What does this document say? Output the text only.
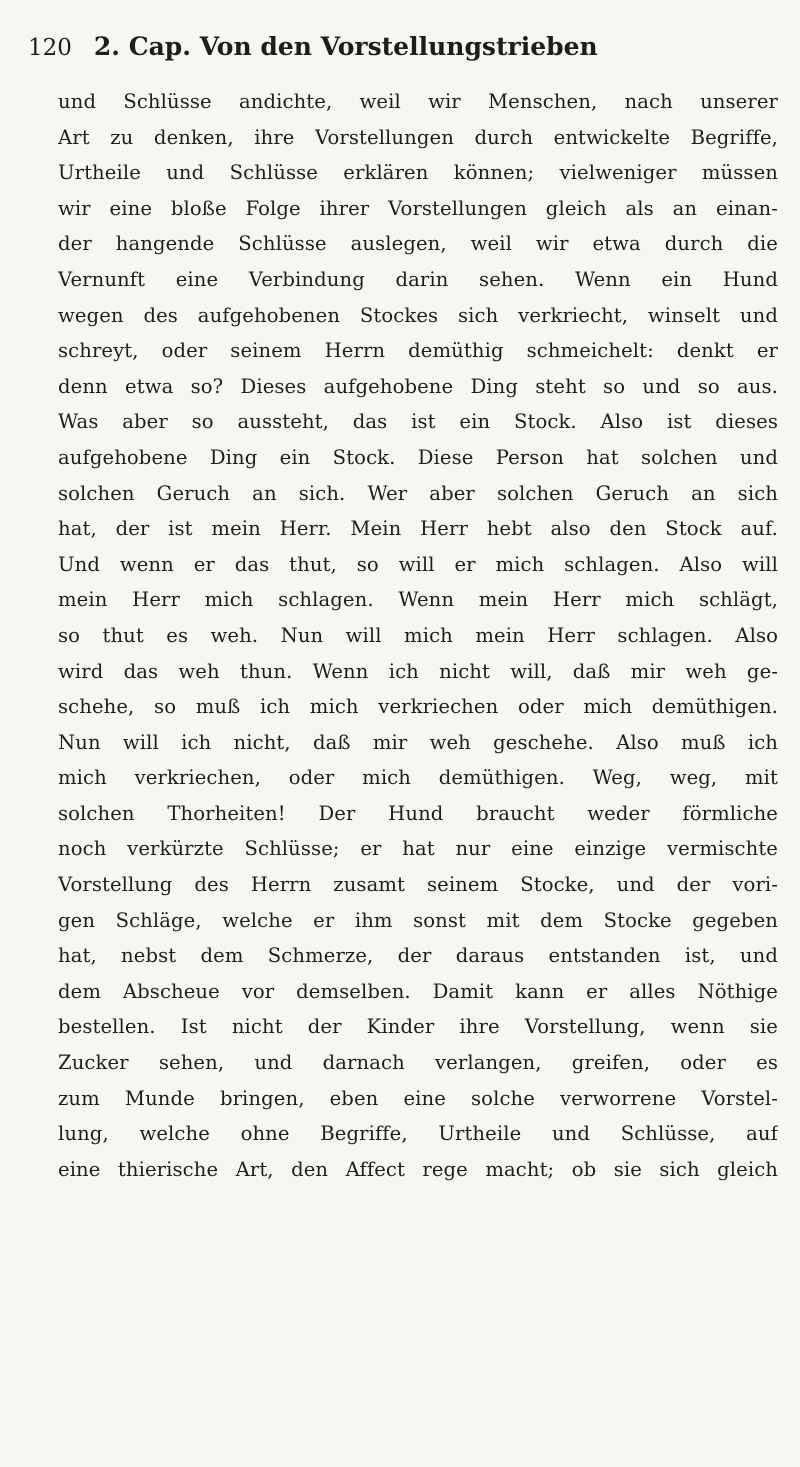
120 2. Cap. Von den Vorstellungstrieben
und Schlüsse andichte, weil wir Menschen, nach unserer
Art zu denken, ihre Vorstellungen durch entwickelte Begriffe,
Urtheile und Schlüsse erklären können; vielweniger müssen
wir eine bloße Folge ihrer Vorstellungen gleich als an einan-
der hangende Schlüsse auslegen, weil wir etwa durch die
Vernunft eine Verbindung darin sehen. Wenn ein Hund
wegen des aufgehobenen Stockes sich verkriecht, winselt und
schreyt, oder seinem Herrn demüthig schmeichelt: denkt er
denn etwa so? Dieses aufgehobene Ding steht so und so aus.
Was aber so aussteht, das ist ein Stock. Also ist dieses
aufgehobene Ding ein Stock. Diese Person hat solchen und
solchen Geruch an sich. Wer aber solchen Geruch an sich
hat, der ist mein Herr. Mein Herr hebt also den Stock auf.
Und wenn er das thut, so will er mich schlagen. Also will
mein Herr mich schlagen. Wenn mein Herr mich schlägt,
so thut es weh. Nun will mich mein Herr schlagen. Also
wird das weh thun. Wenn ich nicht will, daß mir weh ge-
schehe, so muß ich mich verkriechen oder mich demüthigen.
Nun will ich nicht, daß mir weh geschehe. Also muß ich
mich verkriechen, oder mich demüthigen. Weg, weg, mit
solchen Thorheiten! Der Hund braucht weder förmliche
noch verkürzte Schlüsse; er hat nur eine einzige vermischte
Vorstellung des Herrn zusamt seinem Stocke, und der vori-
gen Schläge, welche er ihm sonst mit dem Stocke gegeben
hat, nebst dem Schmerze, der daraus entstanden ist, und
dem Abscheue vor demselben. Damit kann er alles Nöthige
bestellen. Ist nicht der Kinder ihre Vorstellung, wenn sie
Zucker sehen, und darnach verlangen, greifen, oder es
zum Munde bringen, eben eine solche verworrene Vorstel-
lung, welche ohne Begriffe, Urtheile und Schlüsse, auf
eine thierische Art, den Affect rege macht; ob sie sich gleich
